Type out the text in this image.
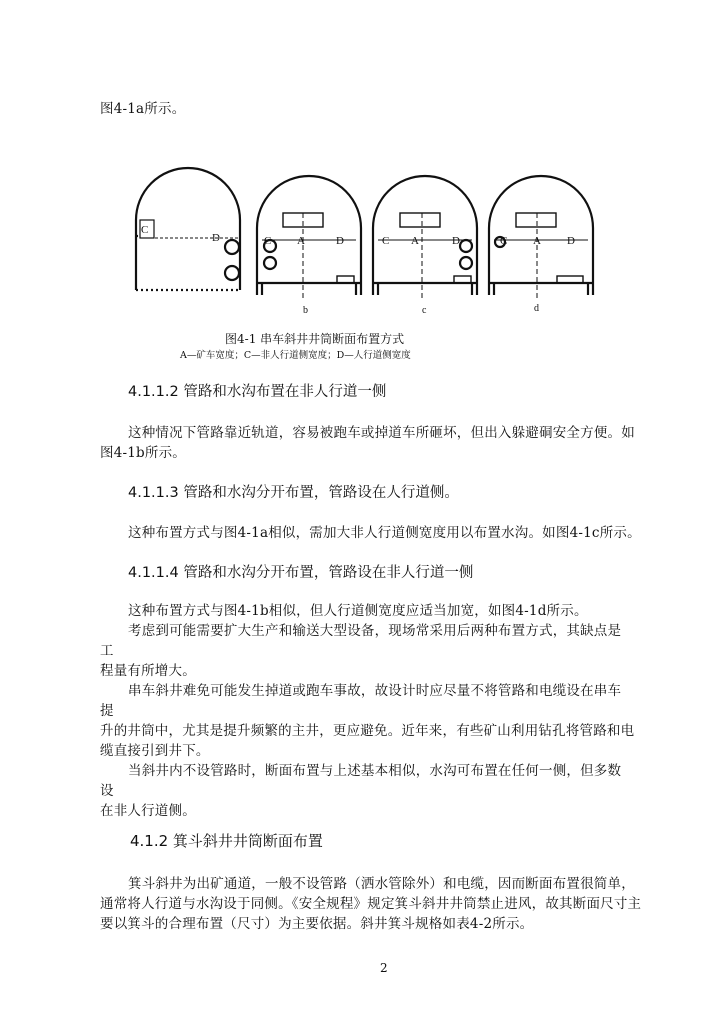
图4-1a所示。
C
D	C A	D	C A	D	C A D
b	c	d
图4-1 串车斜井井筒断面布置方式
A—矿车宽度；C—非人行道侧宽度；D—人行道侧宽度
4.1.1.2 管路和水沟布置在非人行道一侧
这种情况下管路靠近轨道，容易被跑车或掉道车所砸坏，但出入躲避硐安全方便。如
图4-1b所示。
4.1.1.3 管路和水沟分开布置，管路设在人行道侧。
这种布置方式与图4-1a相似，需加大非人行道侧宽度用以布置水沟。如图4-1c所示。
4.1.1.4 管路和水沟分开布置，管路设在非人行道一侧
这种布置方式与图4-1b相似，但人行道侧宽度应适当加宽，如图4-1d所示。
考虑到可能需要扩大生产和输送大型设备，现场常采用后两种布置方式，其缺点是
工
程量有所增大。
串车斜井难免可能发生掉道或跑车事故，故设计时应尽量不将管路和电缆设在串车
提
升的井筒中，尤其是提升频繁的主井，更应避免。近年来，有些矿山利用钻孔将管路和电
缆直接引到井下。
当斜井内不设管路时，断面布置与上述基本相似，水沟可布置在任何一侧，但多数
设
在非人行道侧。
4.1.2 箕斗斜井井筒断面布置
箕斗斜井为出矿通道，一般不设管路（洒水管除外）和电缆，因而断面布置很简单，
通常将人行道与水沟设于同侧。《安全规程》规定箕斗斜井井筒禁止进风，故其断面尺寸主
要以箕斗的合理布置（尺寸）为主要依据。斜井箕斗规格如表4-2所示。
2
